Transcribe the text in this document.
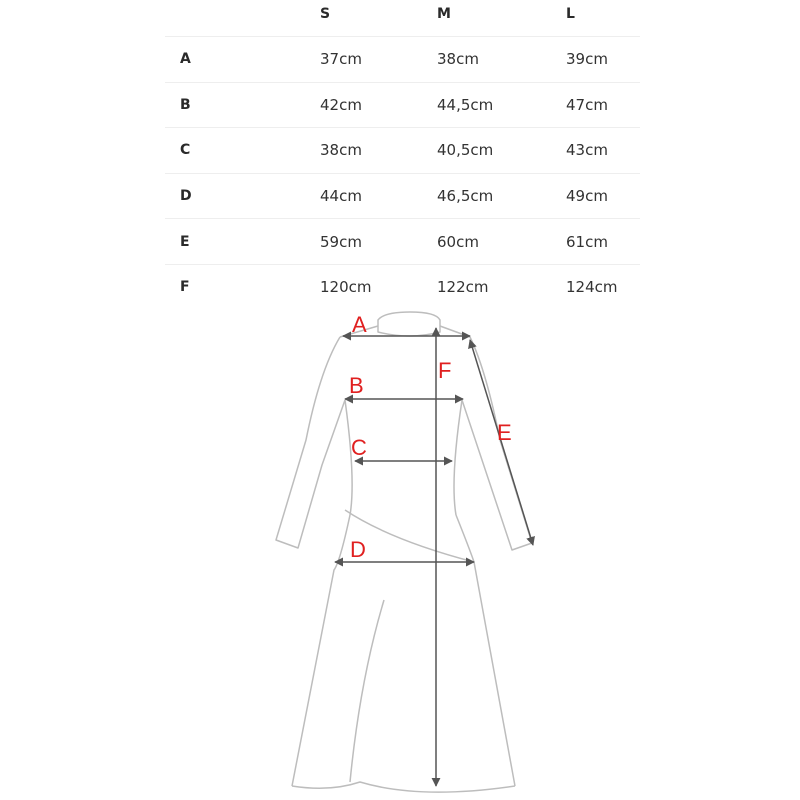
S	M	L
A	37cm	38cm	39cm
B	42cm	44,5cm	47cm
C	38cm	40,5cm	43cm
D	44cm	46,5cm	49cm
E	59cm	60cm	61cm
F	120cm	122cm	124cm
A
B
C
D
E
F
